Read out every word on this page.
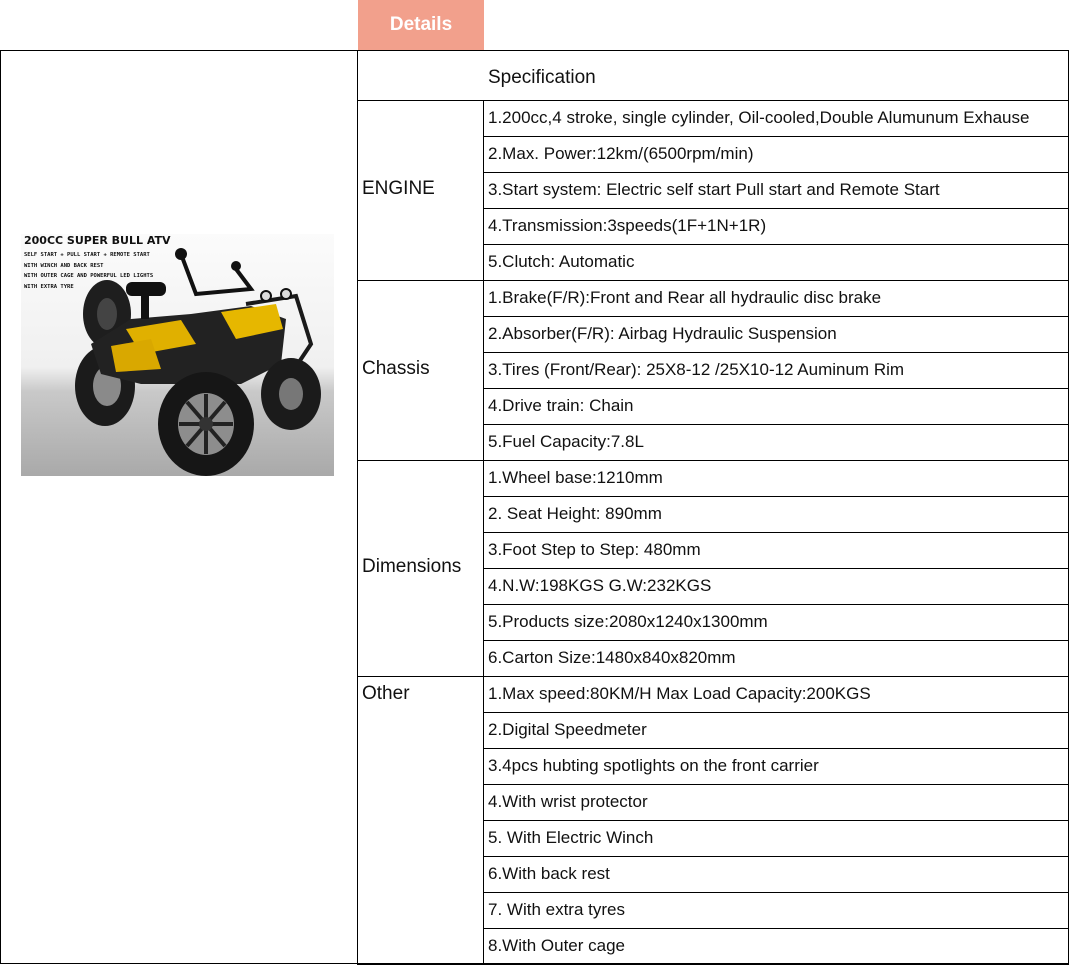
Details
200CC SUPER BULL ATV
SELF START + PULL START + REMOTE START
WITH WINCH AND BACK REST
WITH OUTER CAGE AND POWERFUL LED LIGHTS
WITH EXTRA TYRE
Specification
ENGINE
1.200cc,4 stroke, single cylinder, Oil-cooled,Double Alumunum Exhause
2.Max. Power:12km/(6500rpm/min)
3.Start system: Electric self start Pull start and Remote Start
4.Transmission:3speeds(1F+1N+1R)
5.Clutch: Automatic
Chassis
1.Brake(F/R):Front and Rear all hydraulic disc brake
2.Absorber(F/R): Airbag Hydraulic Suspension
3.Tires (Front/Rear): 25X8-12 /25X10-12 Auminum Rim
4.Drive train: Chain
5.Fuel Capacity:7.8L
Dimensions
1.Wheel base:1210mm
2. Seat Height: 890mm
3.Foot Step to Step: 480mm
4.N.W:198KGS G.W:232KGS
5.Products size:2080x1240x1300mm
6.Carton Size:1480x840x820mm
Other	1.Max speed:80KM/H Max Load Capacity:200KGS
2.Digital Speedmeter
3.4pcs hubting spotlights on the front carrier
4.With wrist protector
5. With Electric Winch
6.With back rest
7. With extra tyres
8.With Outer cage
